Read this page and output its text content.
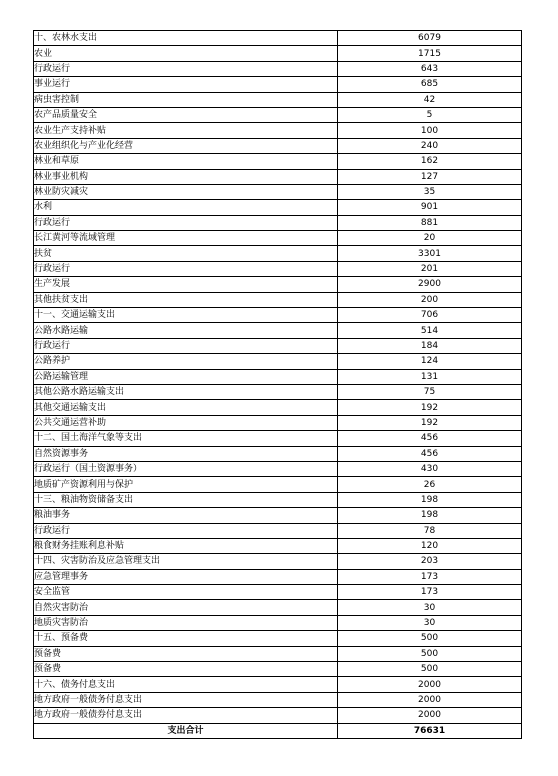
十、农林水支出	6079
农业	1715
行政运行	643
事业运行	685
病虫害控制	42
农产品质量安全	5
农业生产支持补贴	100
农业组织化与产业化经营	240
林业和草原	162
林业事业机构	127
林业防灾减灾	35
水利	901
行政运行	881
长江黄河等流域管理	20
扶贫	3301
行政运行	201
生产发展	2900
其他扶贫支出	200
十一、交通运输支出	706
公路水路运输	514
行政运行	184
公路养护	124
公路运输管理	131
其他公路水路运输支出	75
其他交通运输支出	192
公共交通运营补助	192
十二、国土海洋气象等支出	456
自然资源事务	456
行政运行（国土资源事务）	430
地质矿产资源利用与保护	26
十三、粮油物资储备支出	198
粮油事务	198
行政运行	78
粮食财务挂账利息补贴	120
十四、灾害防治及应急管理支出	203
应急管理事务	173
安全监管	173
自然灾害防治	30
地质灾害防治	30
十五、预备费	500
预备费	500
预备费	500
十六、债务付息支出	2000
地方政府一般债务付息支出	2000
地方政府一般债券付息支出	2000
支出合计	76631
